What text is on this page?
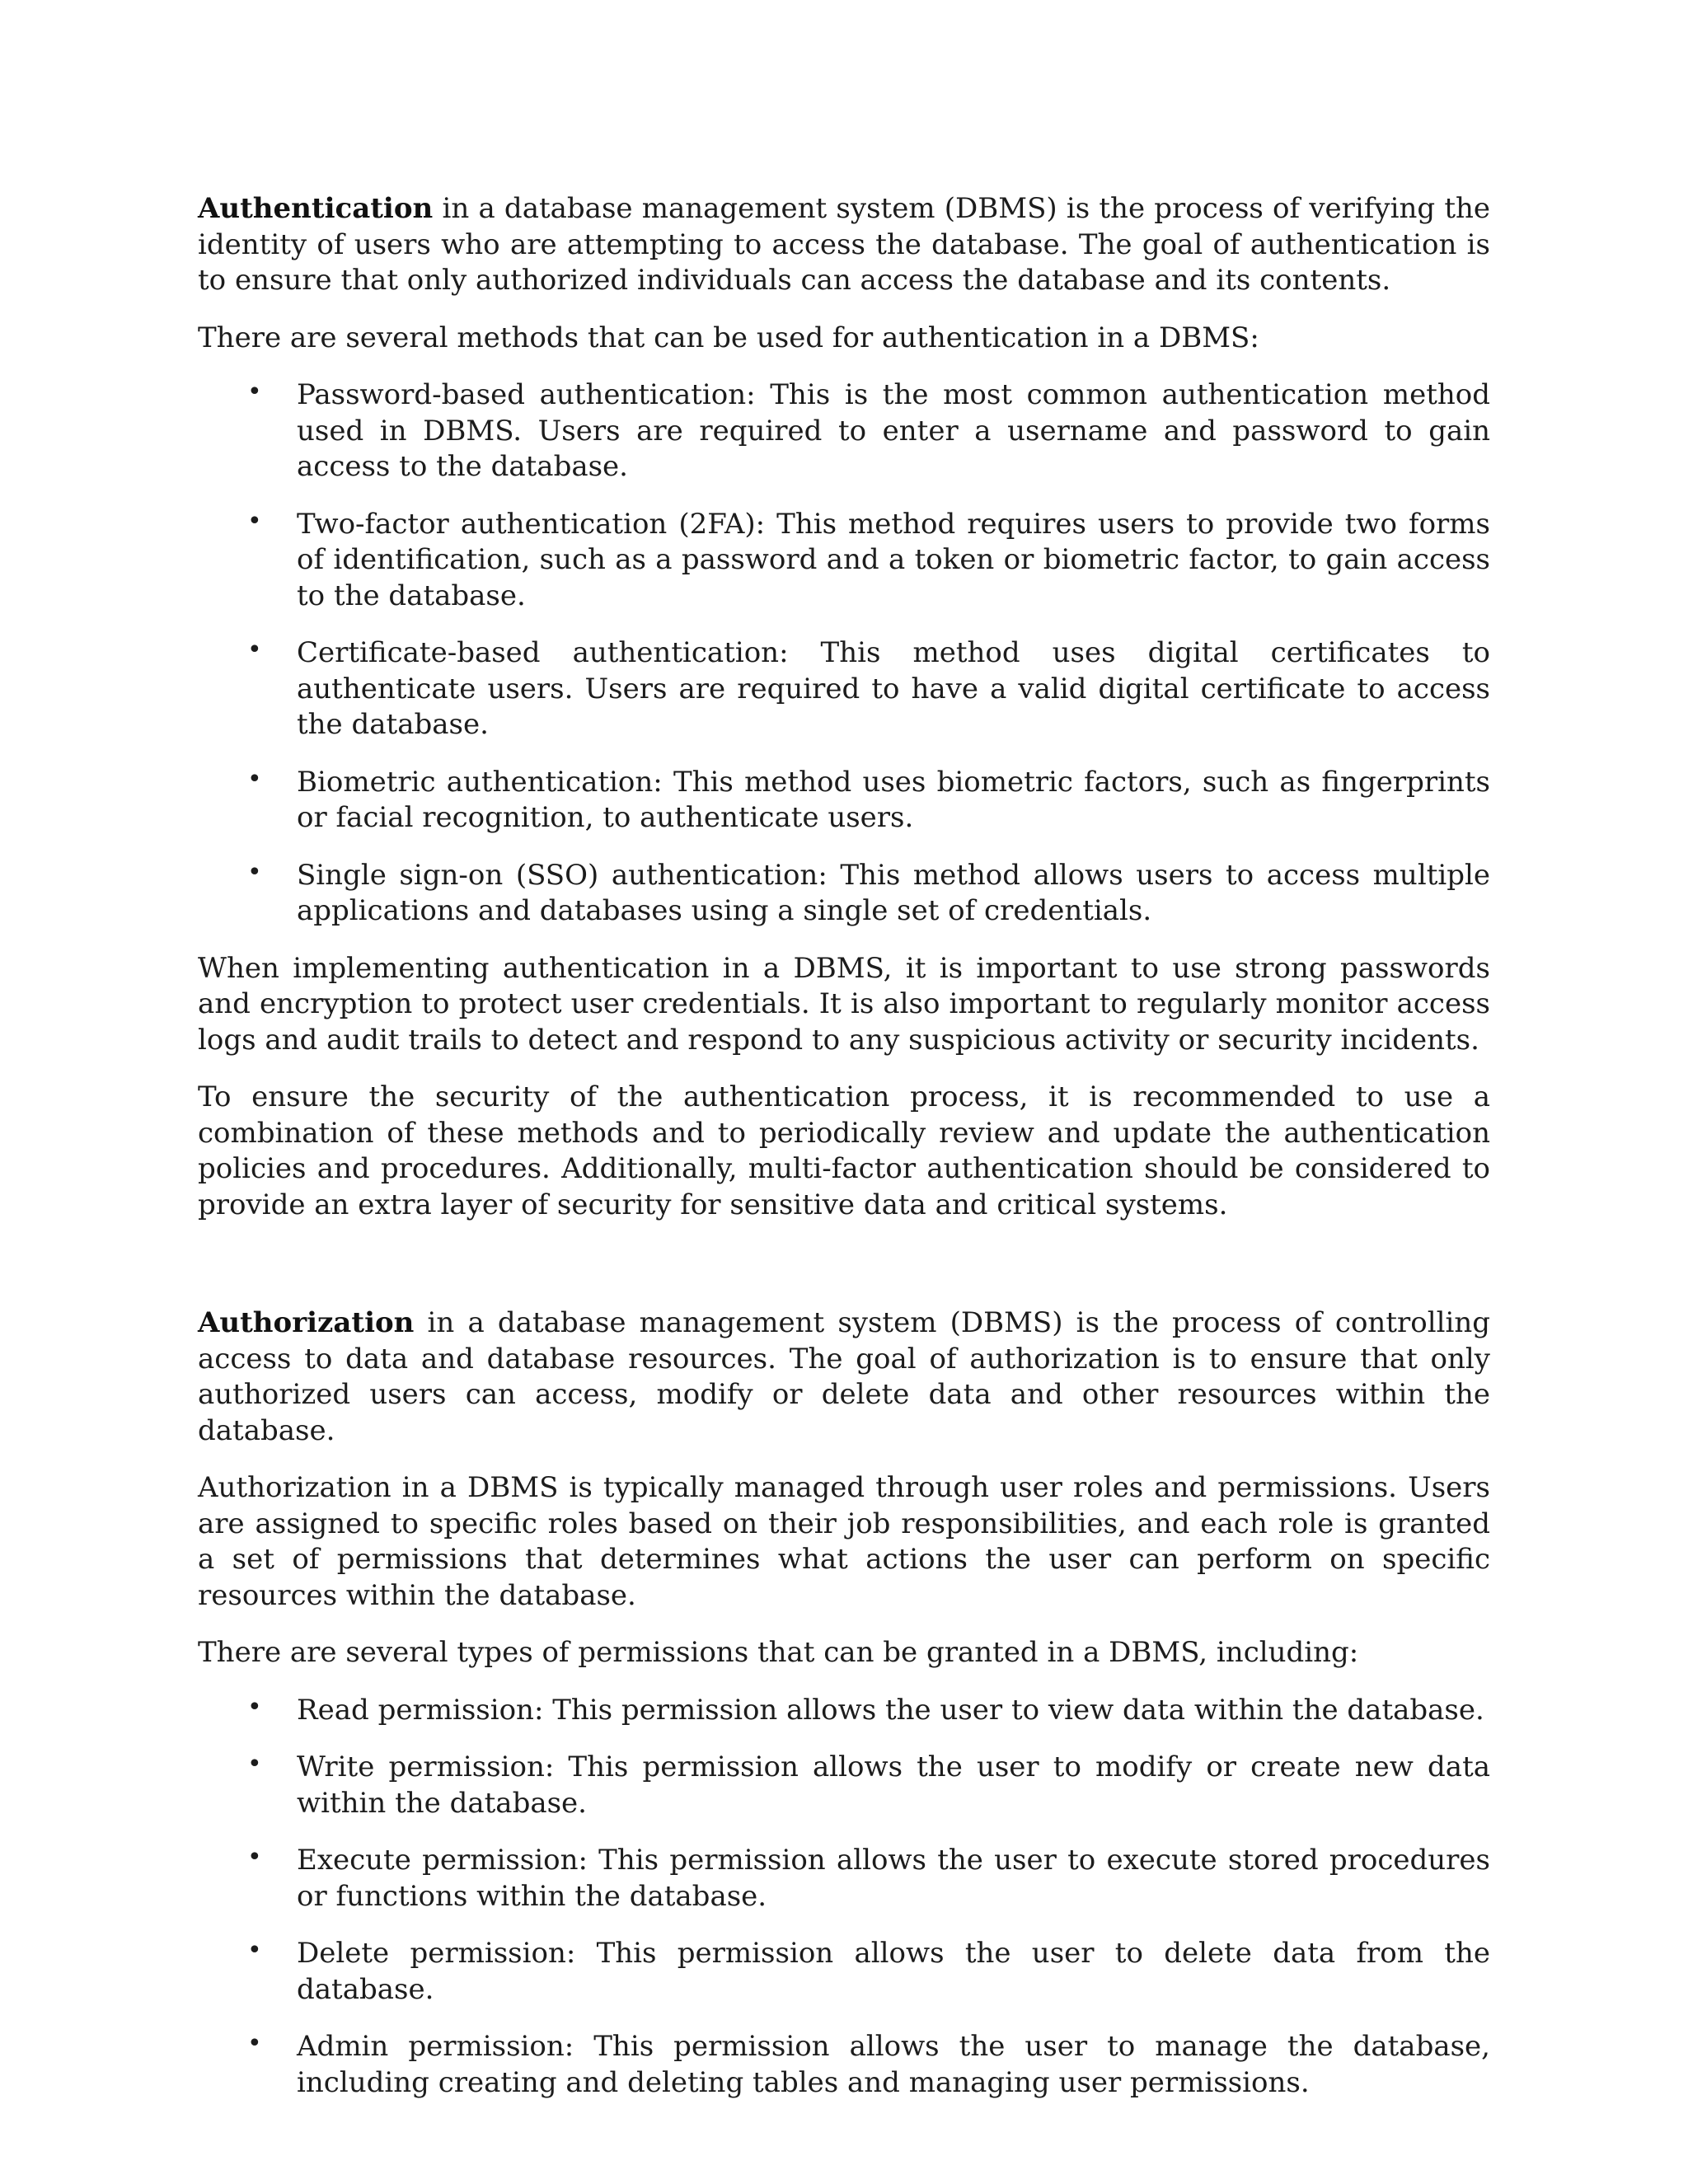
Authentication in a database management system (DBMS) is the process of verifying the identity of users who are attempting to access the database. The goal of authentication is to ensure that only authorized individuals can access the database and its contents.

There are several methods that can be used for authentication in a DBMS:

• Password-based authentication: This is the most common authentication method used in DBMS. Users are required to enter a username and password to gain access to the database.
• Two-factor authentication (2FA): This method requires users to provide two forms of identification, such as a password and a token or biometric factor, to gain access to the database.
• Certificate-based authentication: This method uses digital certificates to authenticate users. Users are required to have a valid digital certificate to access the database.
• Biometric authentication: This method uses biometric factors, such as fingerprints or facial recognition, to authenticate users.
• Single sign-on (SSO) authentication: This method allows users to access multiple applications and databases using a single set of credentials.

When implementing authentication in a DBMS, it is important to use strong passwords and encryption to protect user credentials. It is also important to regularly monitor access logs and audit trails to detect and respond to any suspicious activity or security incidents.

To ensure the security of the authentication process, it is recommended to use a combination of these methods and to periodically review and update the authentication policies and procedures. Additionally, multi-factor authentication should be considered to provide an extra layer of security for sensitive data and critical systems.

Authorization in a database management system (DBMS) is the process of controlling access to data and database resources. The goal of authorization is to ensure that only authorized users can access, modify or delete data and other resources within the database.

Authorization in a DBMS is typically managed through user roles and permissions. Users are assigned to specific roles based on their job responsibilities, and each role is granted a set of permissions that determines what actions the user can perform on specific resources within the database.

There are several types of permissions that can be granted in a DBMS, including:

• Read permission: This permission allows the user to view data within the database.
• Write permission: This permission allows the user to modify or create new data within the database.
• Execute permission: This permission allows the user to execute stored procedures or functions within the database.
• Delete permission: This permission allows the user to delete data from the database.
• Admin permission: This permission allows the user to manage the database, including creating and deleting tables and managing user permissions.
